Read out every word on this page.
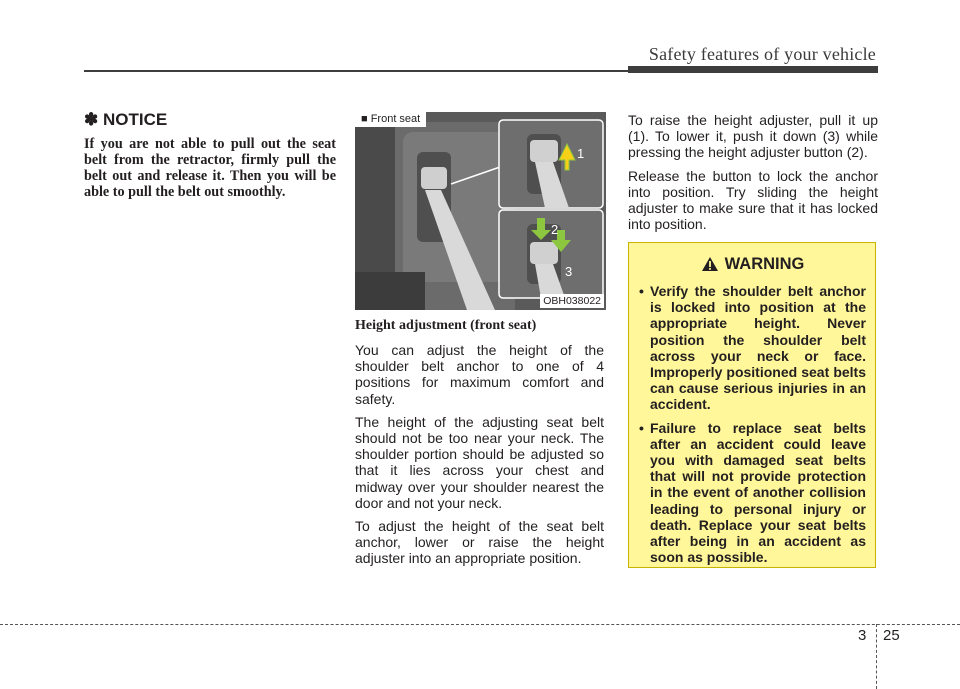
Safety features of your vehicle

✽ NOTICE

If you are not able to pull out the seat belt from the retractor, firmly pull the belt out and release it. Then you will be able to pull the belt out smoothly.

1
2
3
■ Front seat
OBH038022

Height adjustment (front seat)

You can adjust the height of the shoulder belt anchor to one of 4 positions for maximum comfort and safety.

The height of the adjusting seat belt should not be too near your neck. The shoulder portion should be adjusted so that it lies across your chest and midway over your shoulder nearest the door and not your neck.

To adjust the height of the seat belt anchor, lower or raise the height adjuster into an appropriate position.

To raise the height adjuster, pull it up (1). To lower it, push it down (3) while pressing the height adjuster button (2).

Release the button to lock the anchor into position. Try sliding the height adjuster to make sure that it has locked into position.

WARNING
• Verify the shoulder belt anchor is locked into position at the appropriate height. Never position the shoulder belt across your neck or face. Improperly positioned seat belts can cause serious injuries in an accident.
• Failure to replace seat belts after an accident could leave you with damaged seat belts that will not provide protection in the event of another collision leading to personal injury or death. Replace your seat belts after being in an accident as soon as possible.
3 25
